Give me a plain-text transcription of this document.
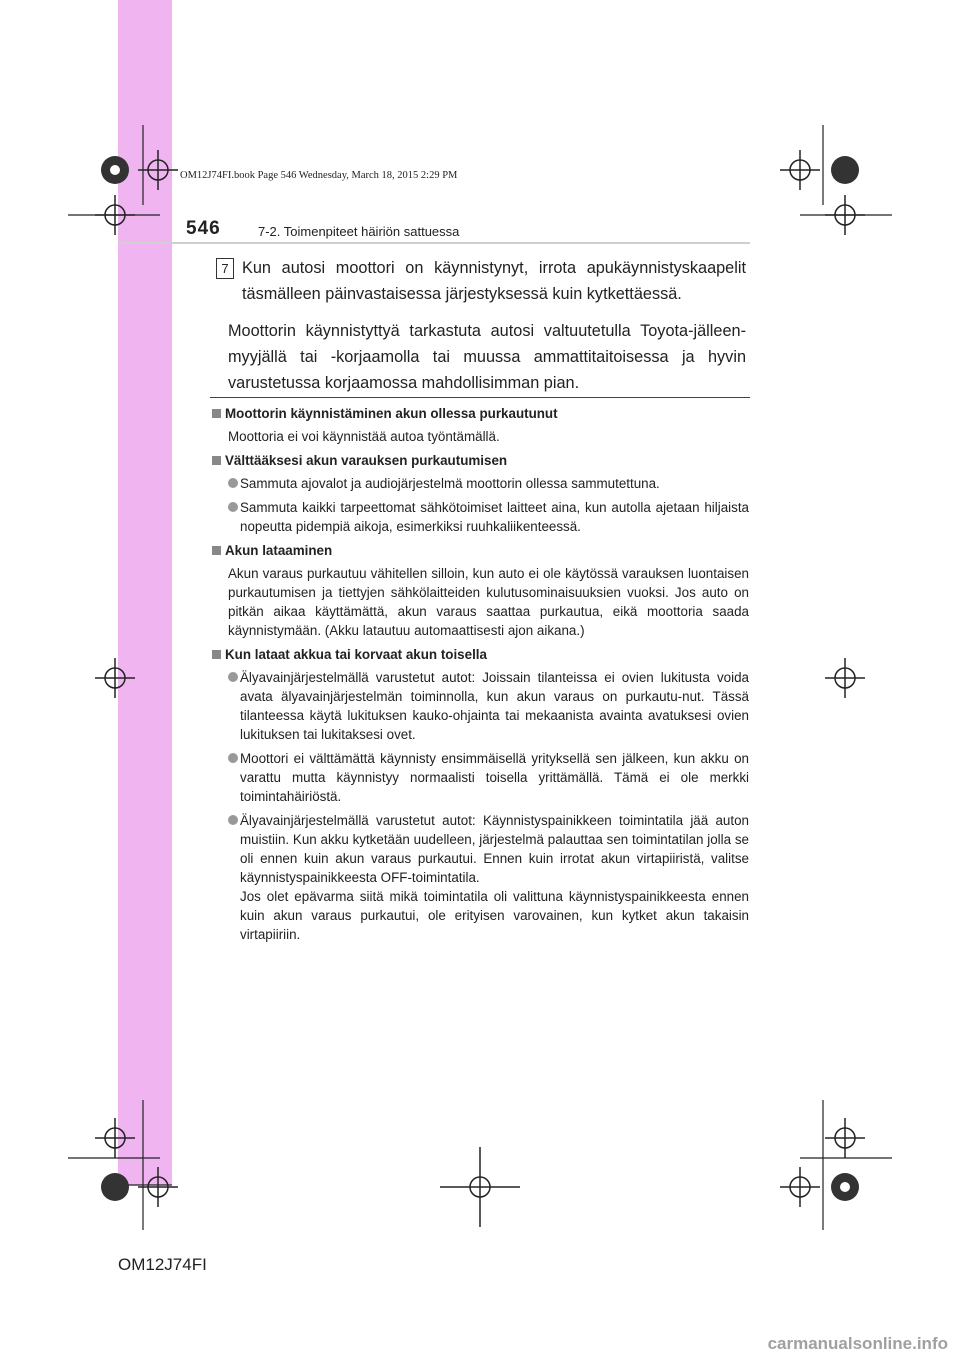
OM12J74FI.book Page 546 Wednesday, March 18, 2015 2:29 PM
546	7-2. Toimenpiteet häiriön sattuessa
7 Kun autosi moottori on käynnistynyt, irrota apukäynnistyskaapelit täsmälleen päinvastaisessa järjestyksessä kuin kytkettäessä.

Moottorin käynnistyttyä tarkastuta autosi valtuutetulla Toyota-jälleen-myyjällä tai -korjaamolla tai muussa ammattitaitoisessa ja hyvin varustetussa korjaamossa mahdollisimman pian.

Moottorin käynnistäminen akun ollessa purkautunut

Moottoria ei voi käynnistää autoa työntämällä.

Välttääksesi akun varauksen purkautumisen

Sammuta ajovalot ja audiojärjestelmä moottorin ollessa sammutettuna.
Sammuta kaikki tarpeettomat sähkötoimiset laitteet aina, kun autolla ajetaan hiljaista nopeutta pidempiä aikoja, esimerkiksi ruuhkaliikenteessä.

Akun lataaminen

Akun varaus purkautuu vähitellen silloin, kun auto ei ole käytössä varauksen luontaisen purkautumisen ja tiettyjen sähkölaitteiden kulutusominaisuuksien vuoksi. Jos auto on pitkän aikaa käyttämättä, akun varaus saattaa purkautua, eikä moottoria saada käynnistymään. (Akku latautuu automaattisesti ajon aikana.)

Kun lataat akkua tai korvaat akun toisella

Älyavainjärjestelmällä varustetut autot: Joissain tilanteissa ei ovien lukitusta voida avata älyavainjärjestelmän toiminnolla, kun akun varaus on purkautu-nut. Tässä tilanteessa käytä lukituksen kauko-ohjainta tai mekaanista avainta avatuksesi ovien lukituksen tai lukitaksesi ovet.
Moottori ei välttämättä käynnisty ensimmäisellä yrityksellä sen jälkeen, kun akku on varattu mutta käynnistyy normaalisti toisella yrittämällä. Tämä ei ole merkki toimintahäiriöstä.
Älyavainjärjestelmällä varustetut autot: Käynnistyspainikkeen toimintatila jää auton muistiin. Kun akku kytketään uudelleen, järjestelmä palauttaa sen toimintatilan jolla se oli ennen kuin akun varaus purkautui. Ennen kuin irrotat akun virtapiiristä, valitse käynnistyspainikkeesta OFF-toimintatila.
Jos olet epävarma siitä mikä toimintatila oli valittuna käynnistyspainikkeesta ennen kuin akun varaus purkautui, ole erityisen varovainen, kun kytket akun takaisin virtapiiriin.
OM12J74FI
carmanualsonline.info
